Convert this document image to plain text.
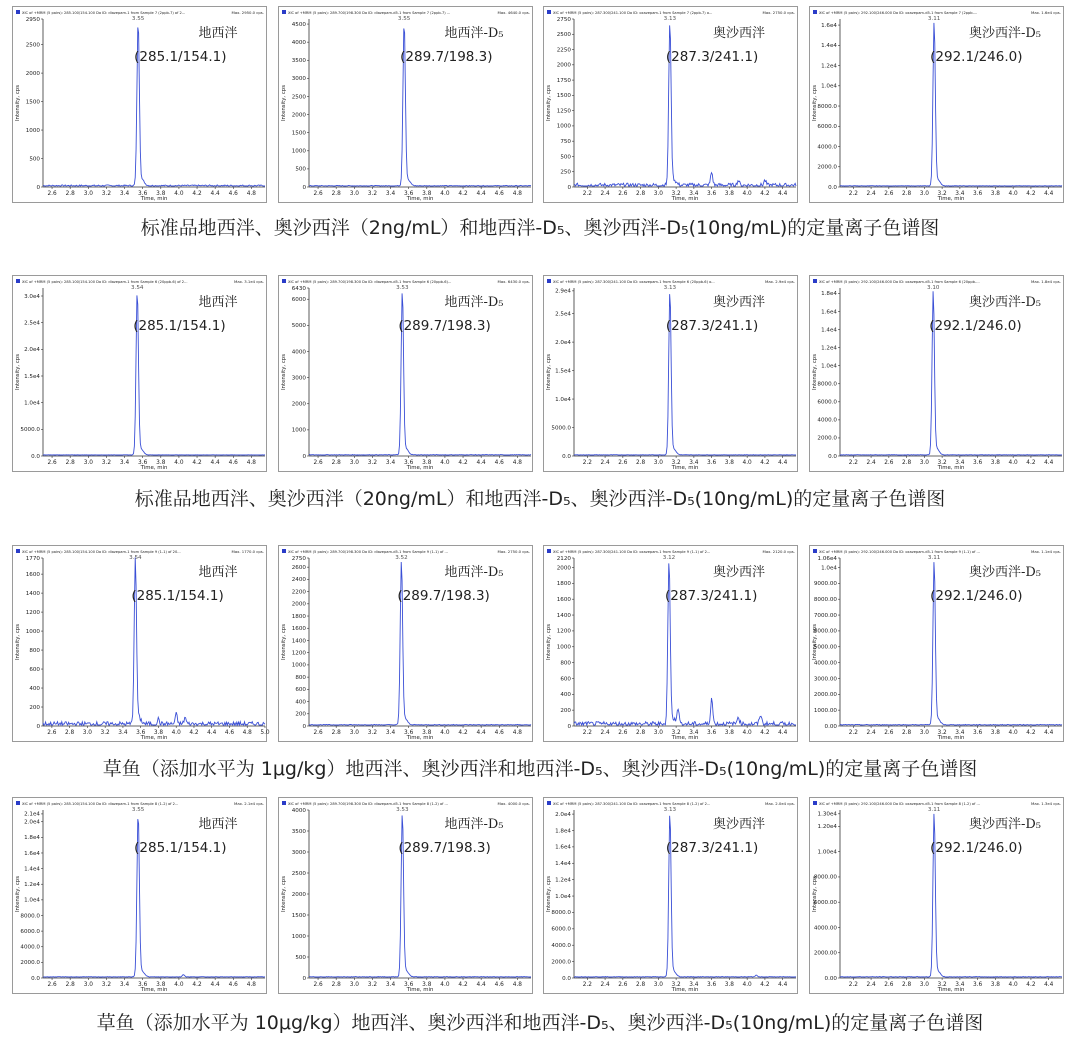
XIC of +MRM (5 pairs): 285.100/154.100 Da ID: diazepam-1 from Sample 7 (2ppb-7) of 2...	Max. 2950.0 cps.
0
500
1000
1500
2000
2500
2950
2.6 2.8 3.0 3.2 3.4 3.6 3.8 4.0 4.2 4.4 4.6 4.8
Time, min
Intensity, cps
3.55
地西泮
(285.1/154.1)
XIC of +MRM (5 pairs): 289.700/198.300 Da ID: diazepam-d5-1 from Sample 7 (2ppb-7) ...	Max. 4640.0 cps.
0
500
1000
1500
2000
2500
3000
3500
4000
4500
2.6 2.8 3.0 3.2 3.4 3.6 3.8 4.0 4.2 4.4 4.6 4.8
Time, min
Intensity, cps
3.55
地西泮-D₅
(289.7/198.3)
XIC of +MRM (5 pairs): 287.300/241.100 Da ID: oxazepam-1 from Sample 7 (2ppb-7) o...	Max. 2750.0 cps.
0
250
500
750
1000
1250
1500
1750
2000
2250
2500
2750
2.2 2.4 2.6 2.8 3.0 3.2 3.4 3.6 3.8 4.0 4.2 4.4
Time, min
Intensity, cps
3.13
奥沙西泮
(287.3/241.1)
XIC of +MRM (5 pairs): 292.100/246.000 Da ID: oxazepam-d5-1 from Sample 7 (2ppb-...	Max. 1.6e4 cps.
0.0
2000.0
4000.0
6000.0
8000.0
1.0e4
1.2e4
1.4e4
1.6e4
2.2 2.4 2.6 2.8 3.0 3.2 3.4 3.6 3.8 4.0 4.2 4.4
Time, min
Intensity, cps
3.11
奥沙西泮-D₅
(292.1/246.0)
标准品地西泮、奥沙西泮（2ng/mL）和地西泮-D₅、奥沙西泮-D₅(10ng/mL)的定量离子色谱图
XIC of +MRM (5 pairs): 285.100/154.100 Da ID: diazepam-1 from Sample 6 (20ppb-6) of 2...	Max. 3.1e4 cps.
0.0
5000.0
1.0e4
1.5e4
2.0e4
2.5e4
3.0e4
2.6 2.8 3.0 3.2 3.4 3.6 3.8 4.0 4.2 4.4 4.6 4.8
Time, min
Intensity, cps
3.54
地西泮
(285.1/154.1)
XIC of +MRM (5 pairs): 289.700/198.300 Da ID: diazepam-d5-1 from Sample 6 (20ppb-6)...	Max. 6430.0 cps.
0
1000
2000
3000
4000
5000
6000
6430
2.6 2.8 3.0 3.2 3.4 3.6 3.8 4.0 4.2 4.4 4.6 4.8
Time, min
Intensity, cps
3.53
地西泮-D₅
(289.7/198.3)
XIC of +MRM (5 pairs): 287.300/241.100 Da ID: oxazepam-1 from Sample 6 (20ppb-6) o...	Max. 2.9e4 cps.
0.0
5000.0
1.0e4
1.5e4
2.0e4
2.5e4
2.9e4
2.2 2.4 2.6 2.8 3.0 3.2 3.4 3.6 3.8 4.0 4.2 4.4
Time, min
Intensity, cps
3.13
奥沙西泮
(287.3/241.1)
XIC of +MRM (5 pairs): 292.100/246.000 Da ID: oxazepam-d5-1 from Sample 6 (20ppb-...	Max. 1.8e4 cps.
0.0
2000.0
4000.0
6000.0
8000.0
1.0e4
1.2e4
1.4e4
1.6e4
1.8e4
2.2 2.4 2.6 2.8 3.0 3.2 3.4 3.6 3.8 4.0 4.2 4.4
Time, min
Intensity, cps
3.10
奥沙西泮-D₅
(292.1/246.0)
标准品地西泮、奥沙西泮（20ng/mL）和地西泮-D₅、奥沙西泮-D₅(10ng/mL)的定量离子色谱图
XIC of +MRM (5 pairs): 285.100/154.100 Da ID: diazepam-1 from Sample 9 (1-1) of 20...	Max. 1770.0 cps.
0
200
400
600
800
1000
1200
1400
1600
1770
2.6 2.8 3.0 3.2 3.4 3.6 3.8 4.0 4.2 4.4 4.6 4.8 5.0
Time, min
Intensity, cps
3.54
地西泮
(285.1/154.1)
XIC of +MRM (5 pairs): 289.700/198.300 Da ID: diazepam-d5-1 from Sample 9 (1-1) of ...	Max. 2750.0 cps.
0
200
400
600
800
1000
1200
1400
1600
1800
2000
2200
2400
2600
2750
2.6 2.8 3.0 3.2 3.4 3.6 3.8 4.0 4.2 4.4 4.6 4.8
Time, min
Intensity, cps
3.52
地西泮-D₅
(289.7/198.3)
XIC of +MRM (5 pairs): 287.300/241.100 Da ID: oxazepam-1 from Sample 9 (1-1) of 2...	Max. 2120.0 cps.
0
200
400
600
800
1000
1200
1400
1600
1800
2000
2120
2.2 2.4 2.6 2.8 3.0 3.2 3.4 3.6 3.8 4.0 4.2 4.4
Time, min
Intensity, cps
3.12
奥沙西泮
(287.3/241.1)
XIC of +MRM (5 pairs): 292.100/246.000 Da ID: oxazepam-d5-1 from Sample 9 (1-1) of ...	Max. 1.1e4 cps.
0.00
1000.00
2000.00
3000.00
4000.00
5000.00
6000.00
7000.00
8000.00
9000.00
1.0e4
1.06e4
2.2 2.4 2.6 2.8 3.0 3.2 3.4 3.6 3.8 4.0 4.2 4.4
Time, min
Intensity, cps
3.11
奥沙西泮-D₅
(292.1/246.0)
草鱼（添加水平为 1μg/kg）地西泮、奥沙西泮和地西泮-D₅、奥沙西泮-D₅(10ng/mL)的定量离子色谱图
XIC of +MRM (5 pairs): 285.100/154.100 Da ID: diazepam-1 from Sample 8 (1-2) of 2...	Max. 2.1e4 cps.
0.0
2000.0
4000.0
6000.0
8000.0
1.0e4
1.2e4
1.4e4
1.6e4
1.8e4
2.0e4
2.1e4
2.6 2.8 3.0 3.2 3.4 3.6 3.8 4.0 4.2 4.4 4.6 4.8
Time, min
Intensity, cps
3.55
地西泮
(285.1/154.1)
XIC of +MRM (5 pairs): 289.700/198.300 Da ID: diazepam-d5-1 from Sample 8 (1-2) of ...	Max. 4000.0 cps.
0
500
1000
1500
2000
2500
3000
3500
4000
2.6 2.8 3.0 3.2 3.4 3.6 3.8 4.0 4.2 4.4 4.6 4.8
Time, min
Intensity, cps
3.53
地西泮-D₅
(289.7/198.3)
XIC of +MRM (5 pairs): 287.300/241.100 Da ID: oxazepam-1 from Sample 8 (1-2) of 2...	Max. 2.0e4 cps.
0.0
2000.0
4000.0
6000.0
8000.0
1.0e4
1.2e4
1.4e4
1.6e4
1.8e4
2.0e4
2.2 2.4 2.6 2.8 3.0 3.2 3.4 3.6 3.8 4.0 4.2 4.4
Time, min
Intensity, cps
3.13
奥沙西泮
(287.3/241.1)
XIC of +MRM (5 pairs): 292.100/246.000 Da ID: oxazepam-d5-1 from Sample 8 (1-2) of ...	Max. 1.3e4 cps.
0.00
2000.00
4000.00
6000.00
8000.00
1.00e4
1.20e4
1.30e4
2.2 2.4 2.6 2.8 3.0 3.2 3.4 3.6 3.8 4.0 4.2 4.4
Time, min
Intensity, cps
3.11
奥沙西泮-D₅
(292.1/246.0)
草鱼（添加水平为 10μg/kg）地西泮、奥沙西泮和地西泮-D₅、奥沙西泮-D₅(10ng/mL)的定量离子色谱图
